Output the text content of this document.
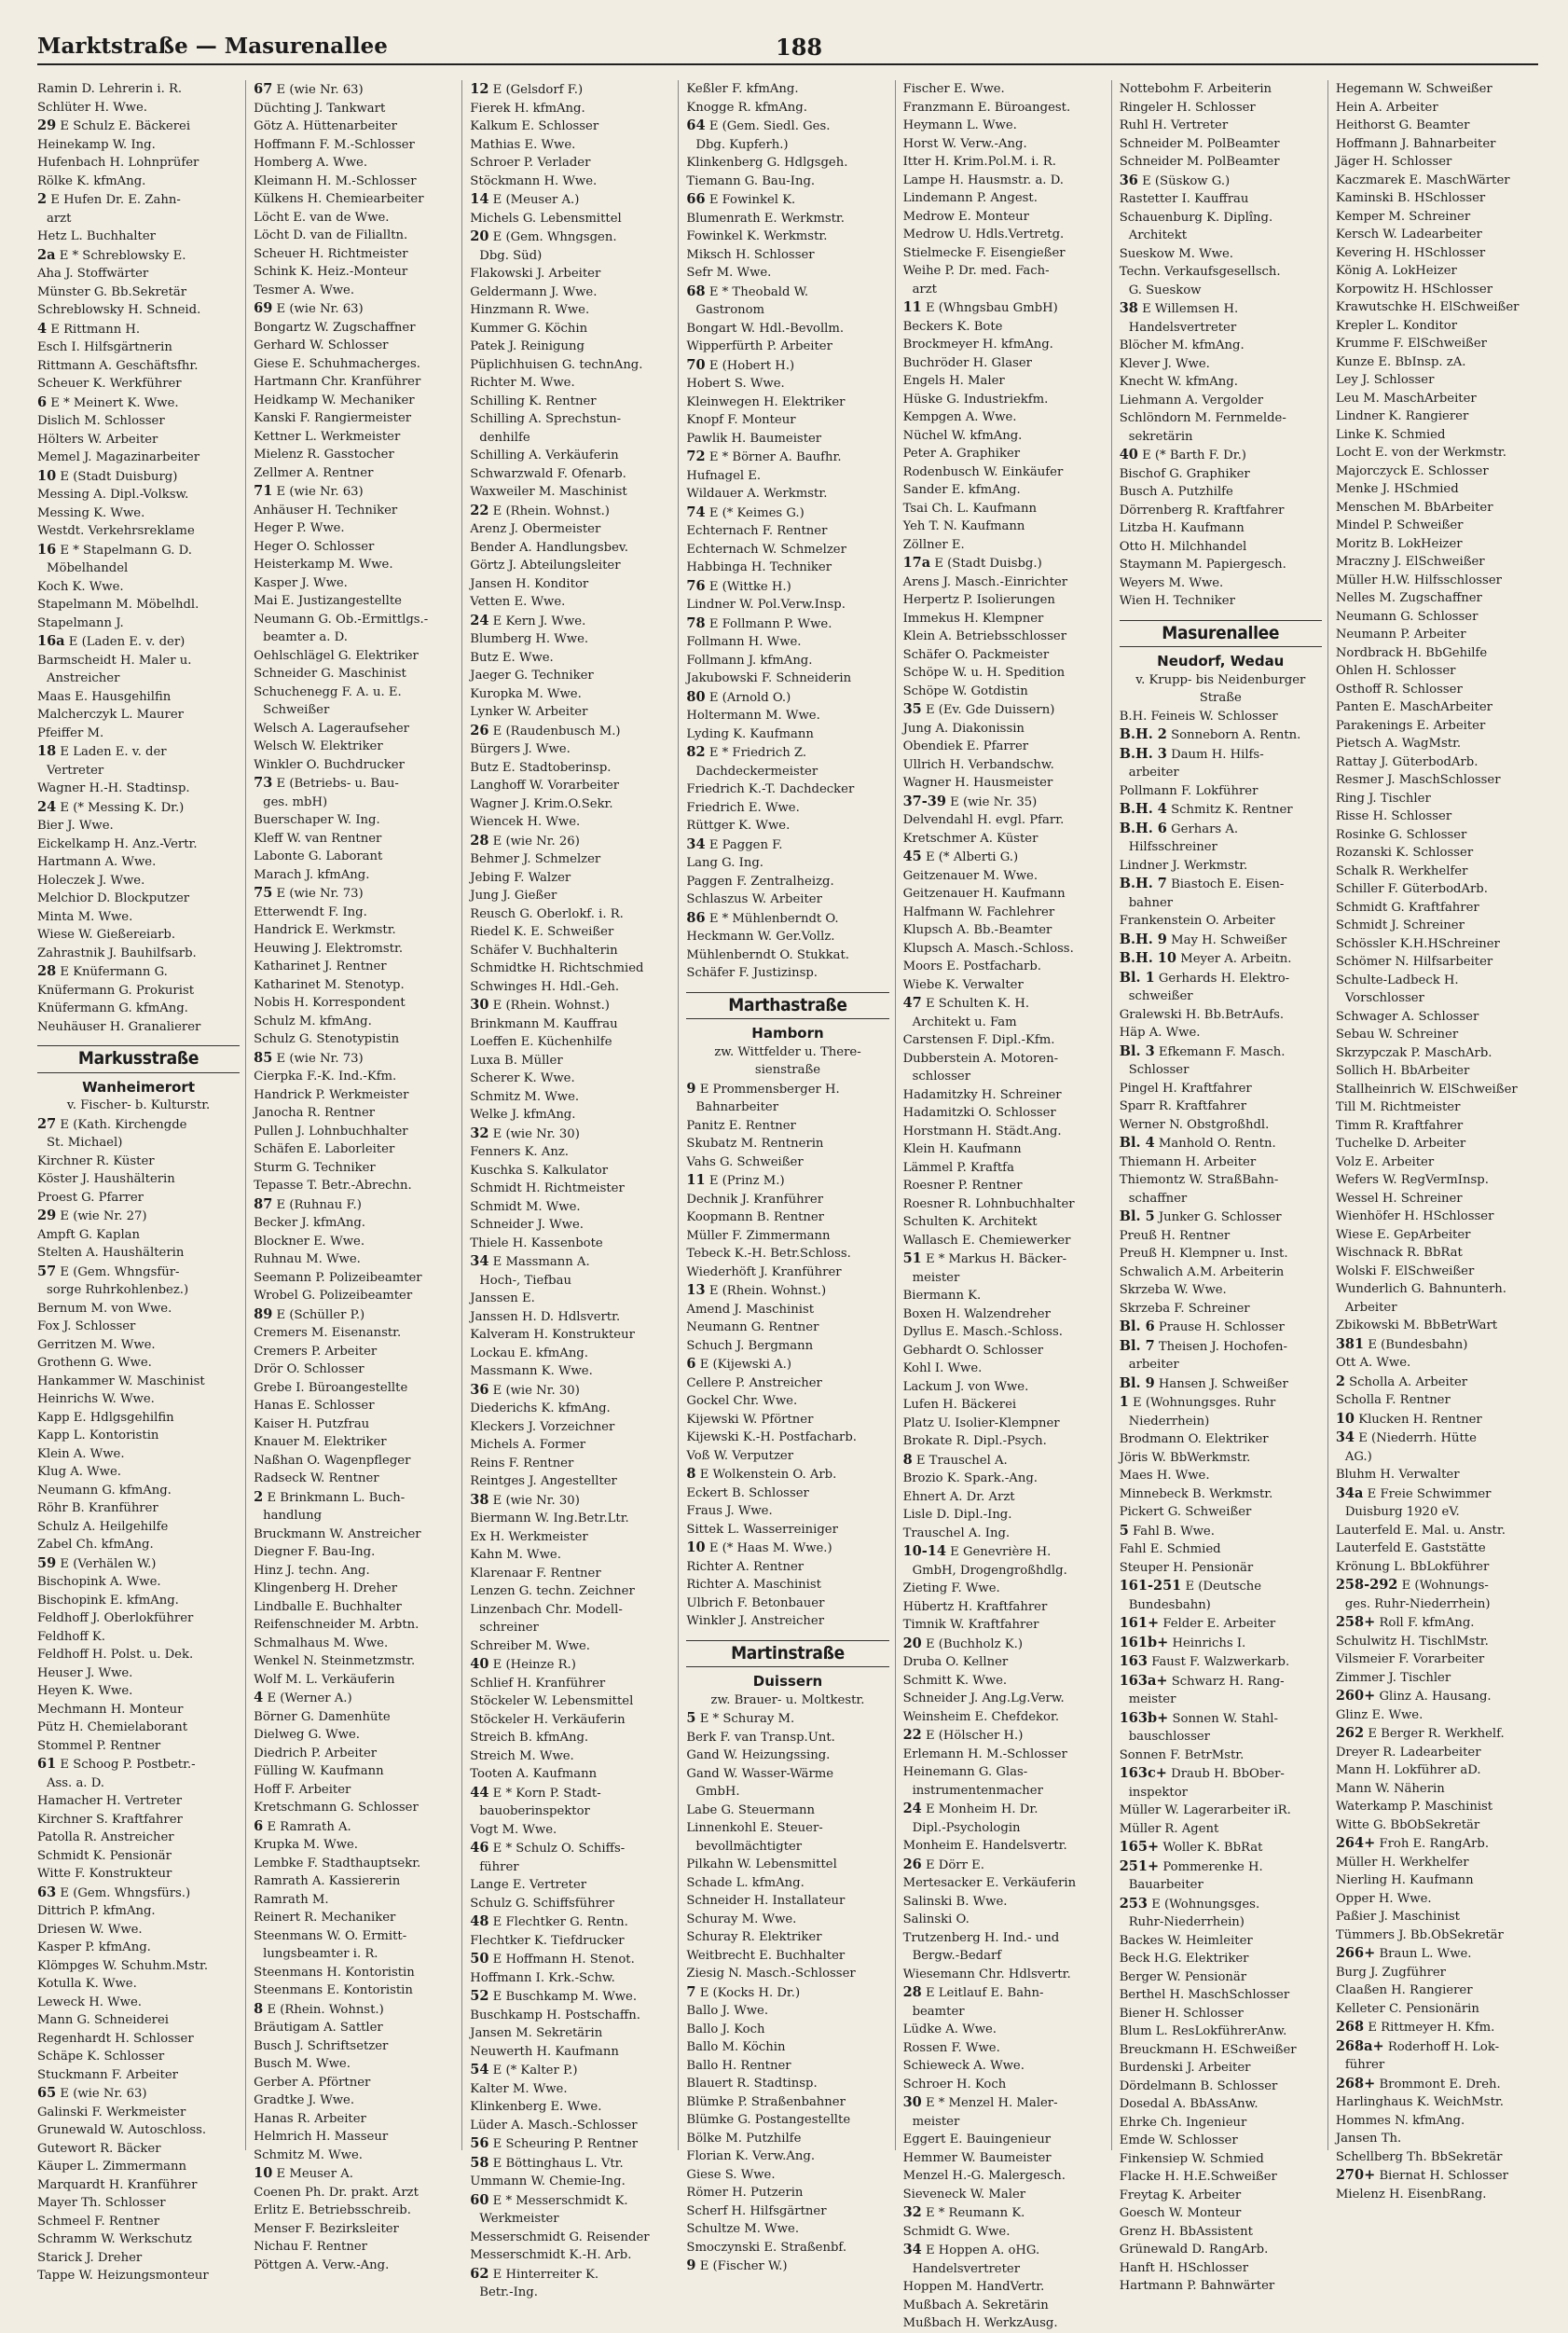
Marktstraße — Masurenallee	188
Ramin D. Lehrerin i. R.
Schlüter H. Wwe.
29 E Schulz E. Bäckerei
Heinekamp W. Ing.
Hufenbach H. Lohnprüfer
Rölke K. kfmAng.
2 E Hufen Dr. E. Zahn-
arzt
Hetz L. Buchhalter
2a E * Schreblowsky E.
Aha J. Stoffwärter
Münster G. Bb.Sekretär
Schreblowsky H. Schneid.
4 E Rittmann H.
Esch I. Hilfsgärtnerin
Rittmann A. Geschäftsfhr.
Scheuer K. Werkführer
6 E * Meinert K. Wwe.
Dislich M. Schlosser
Hölters W. Arbeiter
Memel J. Magazinarbeiter
10 E (Stadt Duisburg)
Messing A. Dipl.-Volksw.
Messing K. Wwe.
Westdt. Verkehrsreklame
16 E * Stapelmann G. D.
Möbelhandel
Koch K. Wwe.
Stapelmann M. Möbelhdl.
Stapelmann J.
16a E (Laden E. v. der)
Barmscheidt H. Maler u.
Anstreicher
Maas E. Hausgehilfin
Malcherczyk L. Maurer
Pfeiffer M.
18 E Laden E. v. der
Vertreter
Wagner H.-H. Stadtinsp.
24 E (* Messing K. Dr.)
Bier J. Wwe.
Eickelkamp H. Anz.-Vertr.
Hartmann A. Wwe.
Holeczek J. Wwe.
Melchior D. Blockputzer
Minta M. Wwe.
Wiese W. Gießereiarb.
Zahrastnik J. Bauhilfsarb.
28 E Knüfermann G.
Knüfermann G. Prokurist
Knüfermann G. kfmAng.
Neuhäuser H. Granalierer
Markusstraße
Wanheimerort
v. Fischer- b. Kulturstr.
27 E (Kath. Kirchengde
St. Michael)
Kirchner R. Küster
Köster J. Haushälterin
Proest G. Pfarrer
29 E (wie Nr. 27)
Ampft G. Kaplan
Stelten A. Haushälterin
57 E (Gem. Whngsfür-
sorge Ruhrkohlenbez.)
Bernum M. von Wwe.
Fox J. Schlosser
Gerritzen M. Wwe.
Grothenn G. Wwe.
Hankammer W. Maschinist
Heinrichs W. Wwe.
Kapp E. Hdlgsgehilfin
Kapp L. Kontoristin
Klein A. Wwe.
Klug A. Wwe.
Neumann G. kfmAng.
Röhr B. Kranführer
Schulz A. Heilgehilfe
Zabel Ch. kfmAng.
59 E (Verhälen W.)
Bischopink A. Wwe.
Bischopink E. kfmAng.
Feldhoff J. Oberlokführer
Feldhoff K.
Feldhoff H. Polst. u. Dek.
Heuser J. Wwe.
Heyen K. Wwe.
Mechmann H. Monteur
Pütz H. Chemielaborant
Stommel P. Rentner
61 E Schoog P. Postbetr.-
Ass. a. D.
Hamacher H. Vertreter
Kirchner S. Kraftfahrer
Patolla R. Anstreicher
Schmidt K. Pensionär
Witte F. Konstrukteur
63 E (Gem. Whngsfürs.)
Dittrich P. kfmAng.
Driesen W. Wwe.
Kasper P. kfmAng.
Klömpges W. Schuhm.Mstr.
Kotulla K. Wwe.
Leweck H. Wwe.
Mann G. Schneiderei
Regenhardt H. Schlosser
Schäpe K. Schlosser
Stuckmann F. Arbeiter
65 E (wie Nr. 63)
Galinski F. Werkmeister
Grunewald W. Autoschloss.
Gutewort R. Bäcker
Käuper L. Zimmermann
Marquardt H. Kranführer
Mayer Th. Schlosser
Schmeel F. Rentner
Schramm W. Werkschutz
Starick J. Dreher
Tappe W. Heizungsmonteur
67 E (wie Nr. 63)
Düchting J. Tankwart
Götz A. Hüttenarbeiter
Hoffmann F. M.-Schlosser
Homberg A. Wwe.
Kleimann H. M.-Schlosser
Külkens H. Chemiearbeiter
Löcht E. van de Wwe.
Löcht D. van de Filialltn.
Scheuer H. Richtmeister
Schink K. Heiz.-Monteur
Tesmer A. Wwe.
69 E (wie Nr. 63)
Bongartz W. Zugschaffner
Gerhard W. Schlosser
Giese E. Schuhmacherges.
Hartmann Chr. Kranführer
Heidkamp W. Mechaniker
Kanski F. Rangiermeister
Kettner L. Werkmeister
Mielenz R. Gasstocher
Zellmer A. Rentner
71 E (wie Nr. 63)
Anhäuser H. Techniker
Heger P. Wwe.
Heger O. Schlosser
Heisterkamp M. Wwe.
Kasper J. Wwe.
Mai E. Justizangestellte
Neumann G. Ob.-Ermittlgs.-
beamter a. D.
Oehlschlägel G. Elektriker
Schneider G. Maschinist
Schuchenegg F. A. u. E.
Schweißer
Welsch A. Lageraufseher
Welsch W. Elektriker
Winkler O. Buchdrucker
73 E (Betriebs- u. Bau-
ges. mbH)
Buerschaper W. Ing.
Kleff W. van Rentner
Labonte G. Laborant
Marach J. kfmAng.
75 E (wie Nr. 73)
Etterwendt F. Ing.
Handrick E. Werkmstr.
Heuwing J. Elektromstr.
Katharinet J. Rentner
Katharinet M. Stenotyp.
Nobis H. Korrespondent
Schulz M. kfmAng.
Schulz G. Stenotypistin
85 E (wie Nr. 73)
Cierpka F.-K. Ind.-Kfm.
Handrick P. Werkmeister
Janocha R. Rentner
Pullen J. Lohnbuchhalter
Schäfen E. Laborleiter
Sturm G. Techniker
Tepasse T. Betr.-Abrechn.
87 E (Ruhnau F.)
Becker J. kfmAng.
Blockner E. Wwe.
Ruhnau M. Wwe.
Seemann P. Polizeibeamter
Wrobel G. Polizeibeamter
89 E (Schüller P.)
Cremers M. Eisenanstr.
Cremers P. Arbeiter
Drör O. Schlosser
Grebe I. Büroangestellte
Hanas E. Schlosser
Kaiser H. Putzfrau
Knauer M. Elektriker
Naßhan O. Wagenpfleger
Radseck W. Rentner
2 E Brinkmann L. Buch-
handlung
Bruckmann W. Anstreicher
Diegner F. Bau-Ing.
Hinz J. techn. Ang.
Klingenberg H. Dreher
Lindballe E. Buchhalter
Reifenschneider M. Arbtn.
Schmalhaus M. Wwe.
Wenkel N. Steinmetzmstr.
Wolf M. L. Verkäuferin
4 E (Werner A.)
Börner G. Damenhüte
Dielweg G. Wwe.
Diedrich P. Arbeiter
Fülling W. Kaufmann
Hoff F. Arbeiter
Kretschmann G. Schlosser
6 E Ramrath A.
Krupka M. Wwe.
Lembke F. Stadthauptsekr.
Ramrath A. Kassiererin
Ramrath M.
Reinert R. Mechaniker
Steenmans W. O. Ermitt-
lungsbeamter i. R.
Steenmans H. Kontoristin
Steenmans E. Kontoristin
8 E (Rhein. Wohnst.)
Bräutigam A. Sattler
Busch J. Schriftsetzer
Busch M. Wwe.
Gerber A. Pförtner
Gradtke J. Wwe.
Hanas R. Arbeiter
Helmrich H. Masseur
Schmitz M. Wwe.
10 E Meuser A.
Coenen Ph. Dr. prakt. Arzt
Erlitz E. Betriebsschreib.
Menser F. Bezirksleiter
Nichau F. Rentner
Pöttgen A. Verw.-Ang.
12 E (Gelsdorf F.)
Fierek H. kfmAng.
Kalkum E. Schlosser
Mathias E. Wwe.
Schroer P. Verlader
Stöckmann H. Wwe.
14 E (Meuser A.)
Michels G. Lebensmittel
20 E (Gem. Whngsgen.
Dbg. Süd)
Flakowski J. Arbeiter
Geldermann J. Wwe.
Hinzmann R. Wwe.
Kummer G. Köchin
Patek J. Reinigung
Püplichhuisen G. technAng.
Richter M. Wwe.
Schilling K. Rentner
Schilling A. Sprechstun-
denhilfe
Schilling A. Verkäuferin
Schwarzwald F. Ofenarb.
Waxweiler M. Maschinist
22 E (Rhein. Wohnst.)
Arenz J. Obermeister
Bender A. Handlungsbev.
Görtz J. Abteilungsleiter
Jansen H. Konditor
Vetten E. Wwe.
24 E Kern J. Wwe.
Blumberg H. Wwe.
Butz E. Wwe.
Jaeger G. Techniker
Kuropka M. Wwe.
Lynker W. Arbeiter
26 E (Raudenbusch M.)
Bürgers J. Wwe.
Butz E. Stadtoberinsp.
Langhoff W. Vorarbeiter
Wagner J. Krim.O.Sekr.
Wiencek H. Wwe.
28 E (wie Nr. 26)
Behmer J. Schmelzer
Jebing F. Walzer
Jung J. Gießer
Reusch G. Oberlokf. i. R.
Riedel K. E. Schweißer
Schäfer V. Buchhalterin
Schmidtke H. Richtschmied
Schwinges H. Hdl.-Geh.
30 E (Rhein. Wohnst.)
Brinkmann M. Kauffrau
Loeffen E. Küchenhilfe
Luxa B. Müller
Scherer K. Wwe.
Schmitz M. Wwe.
Welke J. kfmAng.
32 E (wie Nr. 30)
Fenners K. Anz.
Kuschka S. Kalkulator
Schmidt H. Richtmeister
Schmidt M. Wwe.
Schneider J. Wwe.
Thiele H. Kassenbote
34 E Massmann A.
Hoch-, Tiefbau
Janssen E.
Janssen H. D. Hdlsvertr.
Kalveram H. Konstrukteur
Lockau E. kfmAng.
Massmann K. Wwe.
36 E (wie Nr. 30)
Diederichs K. kfmAng.
Kleckers J. Vorzeichner
Michels A. Former
Reins F. Rentner
Reintges J. Angestellter
38 E (wie Nr. 30)
Biermann W. Ing.Betr.Ltr.
Ex H. Werkmeister
Kahn M. Wwe.
Klarenaar F. Rentner
Lenzen G. techn. Zeichner
Linzenbach Chr. Modell-
schreiner
Schreiber M. Wwe.
40 E (Heinze R.)
Schlief H. Kranführer
Stöckeler W. Lebensmittel
Stöckeler H. Verkäuferin
Streich B. kfmAng.
Streich M. Wwe.
Tooten A. Kaufmann
44 E * Korn P. Stadt-
bauoberinspektor
Vogt M. Wwe.
46 E * Schulz O. Schiffs-
führer
Lange E. Vertreter
Schulz G. Schiffsführer
48 E Flechtker G. Rentn.
Flechtker K. Tiefdrucker
50 E Hoffmann H. Stenot.
Hoffmann I. Krk.-Schw.
52 E Buschkamp M. Wwe.
Buschkamp H. Postschaffn.
Jansen M. Sekretärin
Neuwerth H. Kaufmann
54 E (* Kalter P.)
Kalter M. Wwe.
Klinkenberg E. Wwe.
Lüder A. Masch.-Schlosser
56 E Scheuring P. Rentner
58 E Böttinghaus L. Vtr.
Ummann W. Chemie-Ing.
60 E * Messerschmidt K.
Werkmeister
Messerschmidt G. Reisender
Messerschmidt K.-H. Arb.
62 E Hinterreiter K.
Betr.-Ing.
Keßler F. kfmAng.
Knogge R. kfmAng.
64 E (Gem. Siedl. Ges.
Dbg. Kupferh.)
Klinkenberg G. Hdlgsgeh.
Tiemann G. Bau-Ing.
66 E Fowinkel K.
Blumenrath E. Werkmstr.
Fowinkel K. Werkmstr.
Miksch H. Schlosser
Sefr M. Wwe.
68 E * Theobald W.
Gastronom
Bongart W. Hdl.-Bevollm.
Wipperfürth P. Arbeiter
70 E (Hobert H.)
Hobert S. Wwe.
Kleinwegen H. Elektriker
Knopf F. Monteur
Pawlik H. Baumeister
72 E * Börner A. Baufhr.
Hufnagel E.
Wildauer A. Werkmstr.
74 E (* Keimes G.)
Echternach F. Rentner
Echternach W. Schmelzer
Habbinga H. Techniker
76 E (Wittke H.)
Lindner W. Pol.Verw.Insp.
78 E Follmann P. Wwe.
Follmann H. Wwe.
Follmann J. kfmAng.
Jakubowski F. Schneiderin
80 E (Arnold O.)
Holtermann M. Wwe.
Lyding K. Kaufmann
82 E * Friedrich Z.
Dachdeckermeister
Friedrich K.-T. Dachdecker
Friedrich E. Wwe.
Rüttger K. Wwe.
34 E Paggen F.
Lang G. Ing.
Paggen F. Zentralheizg.
Schlaszus W. Arbeiter
86 E * Mühlenberndt O.
Heckmann W. Ger.Vollz.
Mühlenberndt O. Stukkat.
Schäfer F. Justizinsp.
Marthastraße
Hamborn
zw. Wittfelder u. There-
sienstraße
9 E Prommensberger H.
Bahnarbeiter
Panitz E. Rentner
Skubatz M. Rentnerin
Vahs G. Schweißer
11 E (Prinz M.)
Dechnik J. Kranführer
Koopmann B. Rentner
Müller F. Zimmermann
Tebeck K.-H. Betr.Schloss.
Wiederhöft J. Kranführer
13 E (Rhein. Wohnst.)
Amend J. Maschinist
Neumann G. Rentner
Schuch J. Bergmann
6 E (Kijewski A.)
Cellere P. Anstreicher
Gockel Chr. Wwe.
Kijewski W. Pförtner
Kijewski K.-H. Postfacharb.
Voß W. Verputzer
8 E Wolkenstein O. Arb.
Eckert B. Schlosser
Fraus J. Wwe.
Sittek L. Wasserreiniger
10 E (* Haas M. Wwe.)
Richter A. Rentner
Richter A. Maschinist
Ulbrich F. Betonbauer
Winkler J. Anstreicher
Martinstraße
Duissern
zw. Brauer- u. Moltkestr.
5 E * Schuray M.
Berk F. van Transp.Unt.
Gand W. Heizungssing.
Gand W. Wasser-Wärme
GmbH.
Labe G. Steuermann
Linnenkohl E. Steuer-
bevollmächtigter
Pilkahn W. Lebensmittel
Schade L. kfmAng.
Schneider H. Installateur
Schuray M. Wwe.
Schuray R. Elektriker
Weitbrecht E. Buchhalter
Ziesig N. Masch.-Schlosser
7 E (Kocks H. Dr.)
Ballo J. Wwe.
Ballo J. Koch
Ballo M. Köchin
Ballo H. Rentner
Blauert R. Stadtinsp.
Blümke P. Straßenbahner
Blümke G. Postangestellte
Bölke M. Putzhilfe
Florian K. Verw.Ang.
Giese S. Wwe.
Römer H. Putzerin
Scherf H. Hilfsgärtner
Schultze M. Wwe.
Smoczynski E. Straßenbf.
9 E (Fischer W.)
Fischer E. Wwe.
Franzmann E. Büroangest.
Heymann L. Wwe.
Horst W. Verw.-Ang.
Itter H. Krim.Pol.M. i. R.
Lampe H. Hausmstr. a. D.
Lindemann P. Angest.
Medrow E. Monteur
Medrow U. Hdls.Vertretg.
Stielmecke F. Eisengießer
Weihe P. Dr. med. Fach-
arzt
11 E (Whngsbau GmbH)
Beckers K. Bote
Brockmeyer H. kfmAng.
Buchröder H. Glaser
Engels H. Maler
Hüske G. Industriekfm.
Kempgen A. Wwe.
Nüchel W. kfmAng.
Peter A. Graphiker
Rodenbusch W. Einkäufer
Sander E. kfmAng.
Tsai Ch. L. Kaufmann
Yeh T. N. Kaufmann
Zöllner E.
17a E (Stadt Duisbg.)
Arens J. Masch.-Einrichter
Herpertz P. Isolierungen
Immekus H. Klempner
Klein A. Betriebsschlosser
Schäfer O. Packmeister
Schöpe W. u. H. Spedition
Schöpe W. Gotdistin
35 E (Ev. Gde Duissern)
Jung A. Diakonissin
Obendiek E. Pfarrer
Ullrich H. Verbandschw.
Wagner H. Hausmeister
37-39 E (wie Nr. 35)
Delvendahl H. evgl. Pfarr.
Kretschmer A. Küster
45 E (* Alberti G.)
Geitzenauer M. Wwe.
Geitzenauer H. Kaufmann
Halfmann W. Fachlehrer
Klupsch A. Bb.-Beamter
Klupsch A. Masch.-Schloss.
Moors E. Postfacharb.
Wiebe K. Verwalter
47 E Schulten K. H.
Architekt u. Fam
Carstensen F. Dipl.-Kfm.
Dubberstein A. Motoren-
schlosser
Hadamitzky H. Schreiner
Hadamitzki O. Schlosser
Horstmann H. Städt.Ang.
Klein H. Kaufmann
Lämmel P. Kraftfa
Roesner P. Rentner
Roesner R. Lohnbuchhalter
Schulten K. Architekt
Wallasch E. Chemiewerker
51 E * Markus H. Bäcker-
meister
Biermann K.
Boxen H. Walzendreher
Dyllus E. Masch.-Schloss.
Gebhardt O. Schlosser
Kohl I. Wwe.
Lackum J. von Wwe.
Lufen H. Bäckerei
Platz U. Isolier-Klempner
Brokate R. Dipl.-Psych.
8 E Trauschel A.
Brozio K. Spark.-Ang.
Ehnert A. Dr. Arzt
Lisle D. Dipl.-Ing.
Trauschel A. Ing.
10-14 E Genevrière H.
GmbH, Drogengroßhdlg.
Zieting F. Wwe.
Hübertz H. Kraftfahrer
Timnik W. Kraftfahrer
20 E (Buchholz K.)
Druba O. Kellner
Schmitt K. Wwe.
Schneider J. Ang.Lg.Verw.
Weinsheim E. Chefdekor.
22 E (Hölscher H.)
Erlemann H. M.-Schlosser
Heinemann G. Glas-
instrumentenmacher
24 E Monheim H. Dr.
Dipl.-Psychologin
Monheim E. Handelsvertr.
26 E Dörr E.
Mertesacker E. Verkäuferin
Salinski B. Wwe.
Salinski O.
Trutzenberg H. Ind.- und
Bergw.-Bedarf
Wiesemann Chr. Hdlsvertr.
28 E Leitlauf E. Bahn-
beamter
Lüdke A. Wwe.
Rossen F. Wwe.
Schieweck A. Wwe.
Schroer H. Koch
30 E * Menzel H. Maler-
meister
Eggert E. Bauingenieur
Hemmer W. Baumeister
Menzel H.-G. Malergesch.
Sieveneck W. Maler
32 E * Reumann K.
Schmidt G. Wwe.
34 E Hoppen A. oHG.
Handelsvertreter
Hoppen M. HandVertr.
Mußbach A. Sekretärin
Mußbach H. WerkzAusg.
Nottebohm F. Arbeiterin
Ringeler H. Schlosser
Ruhl H. Vertreter
Schneider M. PolBeamter
Schneider M. PolBeamter
36 E (Süskow G.)
Rastetter I. Kauffrau
Schauenburg K. Diplîng.
Architekt
Sueskow M. Wwe.
Techn. Verkaufsgesellsch.
G. Sueskow
38 E Willemsen H.
Handelsvertreter
Blöcher M. kfmAng.
Klever J. Wwe.
Knecht W. kfmAng.
Liehmann A. Vergolder
Schlöndorn M. Fernmelde-
sekretärin
40 E (* Barth F. Dr.)
Bischof G. Graphiker
Busch A. Putzhilfe
Dörrenberg R. Kraftfahrer
Litzba H. Kaufmann
Otto H. Milchhandel
Staymann M. Papiergesch.
Weyers M. Wwe.
Wien H. Techniker
Masurenallee
Neudorf, Wedau
v. Krupp- bis Neidenburger
Straße
B.H. Feineis W. Schlosser
B.H. 2 Sonneborn A. Rentn.
B.H. 3 Daum H. Hilfs-
arbeiter
Pollmann F. Lokführer
B.H. 4 Schmitz K. Rentner
B.H. 6 Gerhars A.
Hilfsschreiner
Lindner J. Werkmstr.
B.H. 7 Biastoch E. Eisen-
bahner
Frankenstein O. Arbeiter
B.H. 9 May H. Schweißer
B.H. 10 Meyer A. Arbeitn.
Bl. 1 Gerhards H. Elektro-
schweißer
Gralewski H. Bb.BetrAufs.
Häp A. Wwe.
Bl. 3 Efkemann F. Masch.
Schlosser
Pingel H. Kraftfahrer
Sparr R. Kraftfahrer
Werner N. Obstgroßhdl.
Bl. 4 Manhold O. Rentn.
Thiemann H. Arbeiter
Thiemontz W. StraßBahn-
schaffner
Bl. 5 Junker G. Schlosser
Preuß H. Rentner
Preuß H. Klempner u. Inst.
Schwalich A.M. Arbeiterin
Skrzeba W. Wwe.
Skrzeba F. Schreiner
Bl. 6 Prause H. Schlosser
Bl. 7 Theisen J. Hochofen-
arbeiter
Bl. 9 Hansen J. Schweißer
1 E (Wohnungsges. Ruhr
Niederrhein)
Brodmann O. Elektriker
Jöris W. BbWerkmstr.
Maes H. Wwe.
Minnebeck B. Werkmstr.
Pickert G. Schweißer
5 Fahl B. Wwe.
Fahl E. Schmied
Steuper H. Pensionär
161-251 E (Deutsche
Bundesbahn)
161+ Felder E. Arbeiter
161b+ Heinrichs I.
163 Faust F. Walzwerkarb.
163a+ Schwarz H. Rang-
meister
163b+ Sonnen W. Stahl-
bauschlosser
Sonnen F. BetrMstr.
163c+ Draub H. BbOber-
inspektor
Müller W. Lagerarbeiter iR.
Müller R. Agent
165+ Woller K. BbRat
251+ Pommerenke H.
Bauarbeiter
253 E (Wohnungsges.
Ruhr-Niederrhein)
Backes W. Heimleiter
Beck H.G. Elektriker
Berger W. Pensionär
Berthel H. MaschSchlosser
Biener H. Schlosser
Blum L. ResLokführerAnw.
Breuckmann H. ESchweißer
Burdenski J. Arbeiter
Dördelmann B. Schlosser
Dosedal A. BbAssAnw.
Ehrke Ch. Ingenieur
Emde W. Schlosser
Finkensiep W. Schmied
Flacke H. H.E.Schweißer
Freytag K. Arbeiter
Goesch W. Monteur
Grenz H. BbAssistent
Grünewald D. RangArb.
Hanft H. HSchlosser
Hartmann P. Bahnwärter
Hegemann W. Schweißer
Hein A. Arbeiter
Heithorst G. Beamter
Hoffmann J. Bahnarbeiter
Jäger H. Schlosser
Kaczmarek E. MaschWärter
Kaminski B. HSchlosser
Kemper M. Schreiner
Kersch W. Ladearbeiter
Kevering H. HSchlosser
König A. LokHeizer
Korpowitz H. HSchlosser
Krawutschke H. ElSchweißer
Krepler L. Konditor
Krumme F. ElSchweißer
Kunze E. BbInsp. zA.
Ley J. Schlosser
Leu M. MaschArbeiter
Lindner K. Rangierer
Linke K. Schmied
Locht E. von der Werkmstr.
Majorczyck E. Schlosser
Menke J. HSchmied
Menschen M. BbArbeiter
Mindel P. Schweißer
Moritz B. LokHeizer
Mraczny J. ElSchweißer
Müller H.W. Hilfsschlosser
Nelles M. Zugschaffner
Neumann G. Schlosser
Neumann P. Arbeiter
Nordbrack H. BbGehilfe
Ohlen H. Schlosser
Osthoff R. Schlosser
Panten E. MaschArbeiter
Parakenings E. Arbeiter
Pietsch A. WagMstr.
Rattay J. GüterbodArb.
Resmer J. MaschSchlosser
Ring J. Tischler
Risse H. Schlosser
Rosinke G. Schlosser
Rozanski K. Schlosser
Schalk R. Werkhelfer
Schiller F. GüterbodArb.
Schmidt G. Kraftfahrer
Schmidt J. Schreiner
Schössler K.H.HSchreiner
Schömer N. Hilfsarbeiter
Schulte-Ladbeck H.
Vorschlosser
Schwager A. Schlosser
Sebau W. Schreiner
Skrzypczak P. MaschArb.
Sollich H. BbArbeiter
Stallheinrich W. ElSchweißer
Till M. Richtmeister
Timm R. Kraftfahrer
Tuchelke D. Arbeiter
Volz E. Arbeiter
Wefers W. RegVermInsp.
Wessel H. Schreiner
Wienhöfer H. HSchlosser
Wiese E. GepArbeiter
Wischnack R. BbRat
Wolski F. ElSchweißer
Wunderlich G. Bahnunterh.
Arbeiter
Zbikowski M. BbBetrWart
381 E (Bundesbahn)
Ott A. Wwe.
2 Scholla A. Arbeiter
Scholla F. Rentner
10 Klucken H. Rentner
34 E (Niederrh. Hütte
AG.)
Bluhm H. Verwalter
34a E Freie Schwimmer
Duisburg 1920 eV.
Lauterfeld E. Mal. u. Anstr.
Lauterfeld E. Gaststätte
Krönung L. BbLokführer
258-292 E (Wohnungs-
ges. Ruhr-Niederrhein)
258+ Roll F. kfmAng.
Schulwitz H. TischlMstr.
Vilsmeier F. Vorarbeiter
Zimmer J. Tischler
260+ Glinz A. Hausang.
Glinz E. Wwe.
262 E Berger R. Werkhelf.
Dreyer R. Ladearbeiter
Mann H. Lokführer aD.
Mann W. Näherin
Waterkamp P. Maschinist
Witte G. BbObSekretär
264+ Froh E. RangArb.
Müller H. Werkhelfer
Nierling H. Kaufmann
Opper H. Wwe.
Paßier J. Maschinist
Tümmers J. Bb.ObSekretär
266+ Braun L. Wwe.
Burg J. Zugführer
Claaßen H. Rangierer
Kelleter C. Pensionärin
268 E Rittmeyer H. Kfm.
268a+ Roderhoff H. Lok-
führer
268+ Brommont E. Dreh.
Harlinghaus K. WeichMstr.
Hommes N. kfmAng.
Jansen Th.
Schellberg Th. BbSekretär
270+ Biernat H. Schlosser
Mielenz H. EisenbRang.
